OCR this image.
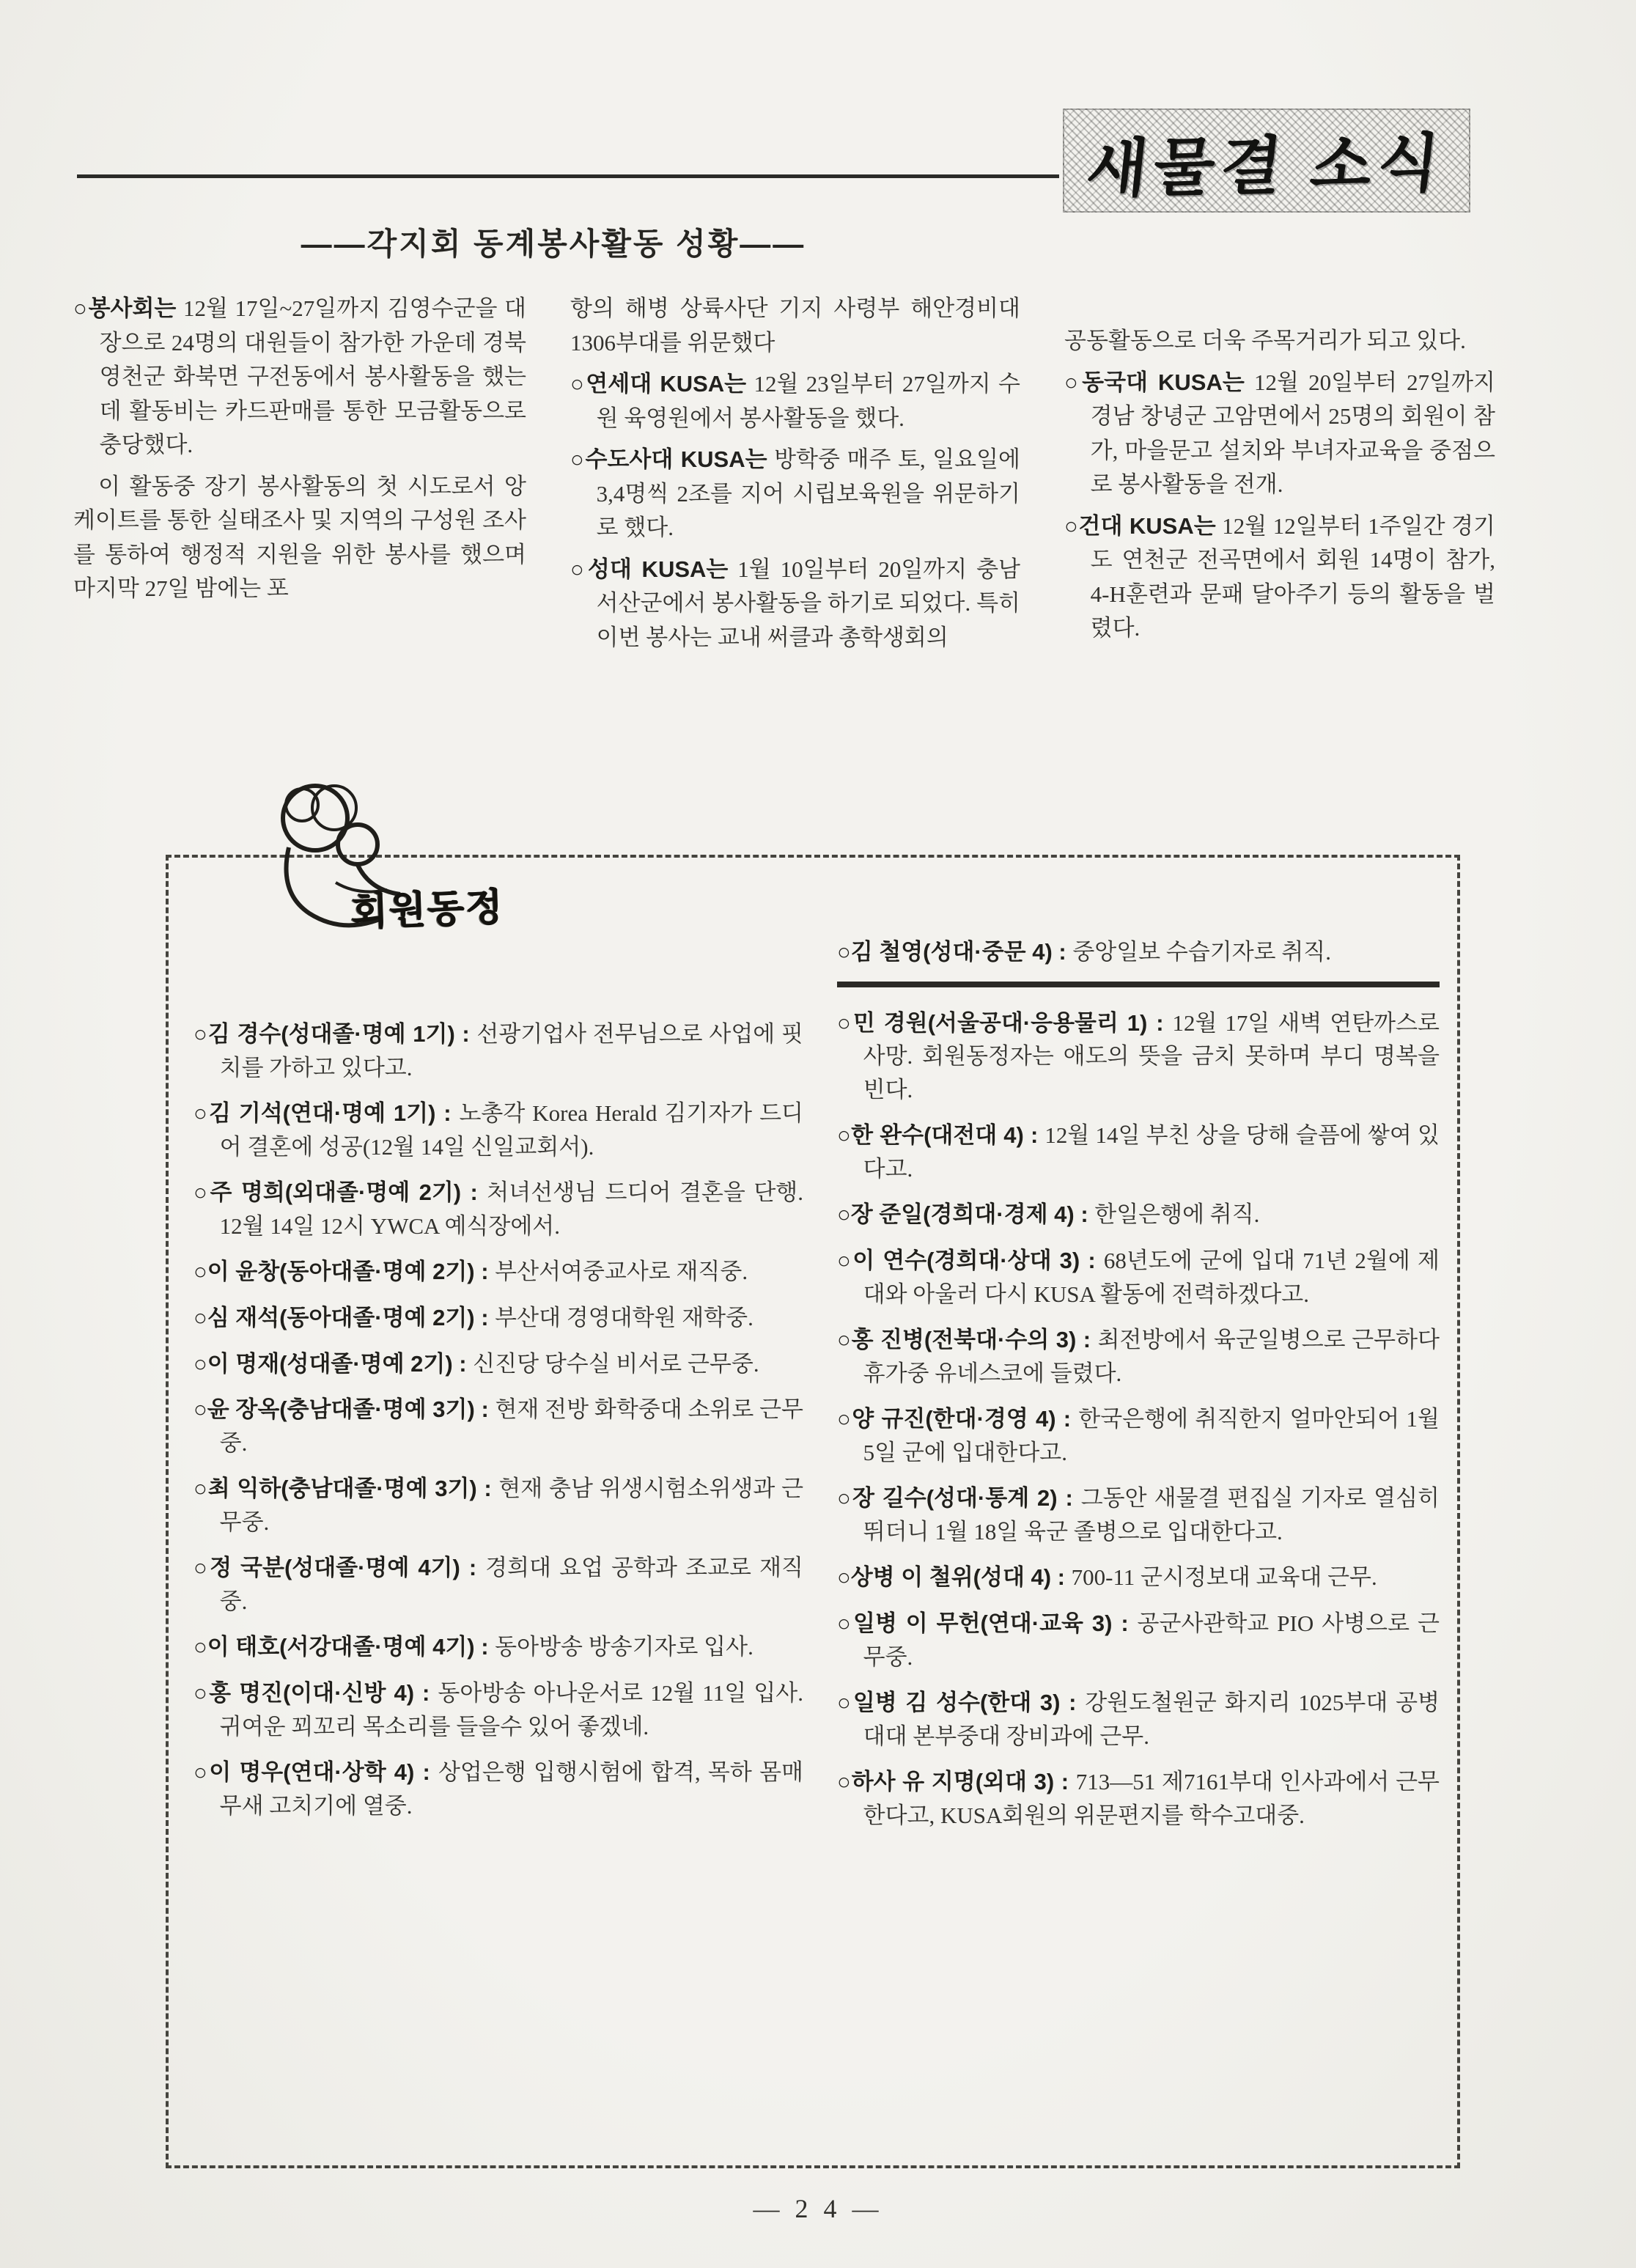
새물결 소식
——각지회 동계봉사활동 성황——

○봉사회는 12월 17일~27일까지 김영수군을 대장으로 24명의 대원들이 참가한 가운데 경북 영천군 화북면 구전동에서 봉사활동을 했는데 활동비는 카드판매를 통한 모금활동으로 충당했다.

이 활동중 장기 봉사활동의 첫 시도로서 앙케이트를 통한 실태조사 및 지역의 구성원 조사를 통하여 행정적 지원을 위한 봉사를 했으며 마지막 27일 밤에는 포

항의 해병 상륙사단 기지 사령부 해안경비대 1306부대를 위문했다

○연세대 KUSA는 12월 23일부터 27일까지 수원 육영원에서 봉사활동을 했다.

○수도사대 KUSA는 방학중 매주 토, 일요일에 3,4명씩 2조를 지어 시립보육원을 위문하기로 했다.

○성대 KUSA는 1월 10일부터 20일까지 충남 서산군에서 봉사활동을 하기로 되었다. 특히 이번 봉사는 교내 써클과 총학생회의

공동활동으로 더욱 주목거리가 되고 있다.

○동국대 KUSA는 12월 20일부터 27일까지 경남 창녕군 고암면에서 25명의 회원이 참가, 마을문고 설치와 부녀자교육을 중점으로 봉사활동을 전개.

○건대 KUSA는 12월 12일부터 1주일간 경기도 연천군 전곡면에서 회원 14명이 참가, 4-H훈련과 문패 달아주기 등의 활동을 벌렸다.

회원동정

○김 경수(성대졸·명예 1기) : 선광기업사 전무님으로 사업에 핏치를 가하고 있다고.

○김 기석(연대·명예 1기) : 노총각 Korea Herald 김기자가 드디어 결혼에 성공(12월 14일 신일교회서).

○주 명희(외대졸·명예 2기) : 처녀선생님 드디어 결혼을 단행. 12월 14일 12시 YWCA 예식장에서.

○이 윤창(동아대졸·명예 2기) : 부산서여중교사로 재직중.

○심 재석(동아대졸·명예 2기) : 부산대 경영대학원 재학중.

○이 명재(성대졸·명예 2기) : 신진당 당수실 비서로 근무중.

○윤 장옥(충남대졸·명예 3기) : 현재 전방 화학중대 소위로 근무중.

○최 익하(충남대졸·명예 3기) : 현재 충남 위생시험소위생과 근무중.

○정 국분(성대졸·명예 4기) : 경희대 요업 공학과 조교로 재직중.

○이 태호(서강대졸·명예 4기) : 동아방송 방송기자로 입사.

○홍 명진(이대·신방 4) : 동아방송 아나운서로 12월 11일 입사. 귀여운 꾀꼬리 목소리를 들을수 있어 좋겠네.

○이 명우(연대·상학 4) : 상업은행 입행시험에 합격, 목하 몸매무새 고치기에 열중.

○김 철영(성대·중문 4) : 중앙일보 수습기자로 취직.

○민 경원(서울공대·응용물리 1) : 12월 17일 새벽 연탄까스로 사망. 회원동정자는 애도의 뜻을 금치 못하며 부디 명복을 빈다.

○한 완수(대전대 4) : 12월 14일 부친 상을 당해 슬픔에 쌓여 있다고.

○장 준일(경희대·경제 4) : 한일은행에 취직.

○이 연수(경희대·상대 3) : 68년도에 군에 입대 71년 2월에 제대와 아울러 다시 KUSA 활동에 전력하겠다고.

○홍 진병(전북대·수의 3) : 최전방에서 육군일병으로 근무하다 휴가중 유네스코에 들렸다.

○양 규진(한대·경영 4) : 한국은행에 취직한지 얼마안되어 1월 5일 군에 입대한다고.

○장 길수(성대·통계 2) : 그동안 새물결 편집실 기자로 열심히 뛰더니 1월 18일 육군 졸병으로 입대한다고.

○상병 이 철위(성대 4) : 700-11 군시정보대 교육대 근무.

○일병 이 무헌(연대·교육 3) : 공군사관학교 PIO 사병으로 근무중.

○일병 김 성수(한대 3) : 강원도철원군 화지리 1025부대 공병대대 본부중대 장비과에 근무.

○하사 유 지명(외대 3) : 713—51 제7161부대 인사과에서 근무한다고, KUSA회원의 위문편지를 학수고대중.

— 2 4 —
